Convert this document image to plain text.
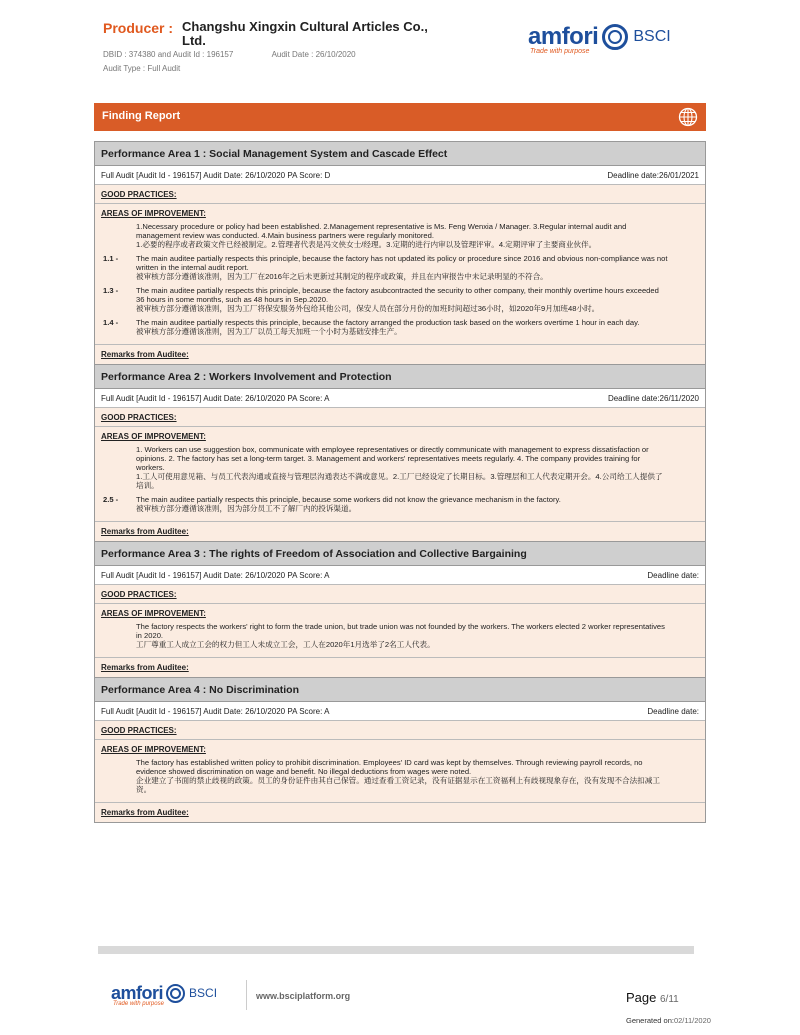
Producer : Changshu Xingxin Cultural Articles Co., Ltd.
DBID : 374380 and Audit Id : 196157	Audit Date : 26/10/2020
Audit Type : Full Audit
amfori BSCI
Trade with purpose
Finding Report
Performance Area 1 : Social Management System and Cascade Effect
Full Audit [Audit Id - 196157] Audit Date: 26/10/2020 PA Score: D	Deadline date:26/01/2021
GOOD PRACTICES:
AREAS OF IMPROVEMENT:
1.Necessary procedure or policy had been established. 2.Management representative is Ms. Feng Wenxia / Manager. 3.Regular internal audit and management review was conducted. 4.Main business partners were regularly monitored.
1.必要的程序或者政策文件已经被制定。2.管理者代表是冯文侠女士/经理。3.定期的进行内审以及管理评审。4.定期评审了主要商业伙伴。
1.1 -	The main auditee partially respects this principle, because the factory has not updated its policy or procedure since 2016 and obvious non-compliance was not written in the internal audit report.
被审核方部分遵循该准则，因为工厂在2016年之后未更新过其制定的程序或政策，并且在内审报告中未记录明显的不符合。
1.3 -	The main auditee partially respects this principle, because the factory asubcontracted the security to other company, their monthly overtime hours exceeded 36 hours in some months, such as 48 hours in Sep.2020.
被审核方部分遵循该准则，因为工厂将保安服务外包给其他公司，保安人员在部分月份的加班时间超过36小时，如2020年9月加班48小时。
1.4 -	The main auditee partially respects this principle, because the factory arranged the production task based on the workers overtime 1 hour in each day.
被审核方部分遵循该准则，因为工厂以员工每天加班一个小时为基础安排生产。
Remarks from Auditee:
Performance Area 2 : Workers Involvement and Protection
Full Audit [Audit Id - 196157] Audit Date: 26/10/2020 PA Score: A	Deadline date:26/11/2020
GOOD PRACTICES:
AREAS OF IMPROVEMENT:
1. Workers can use suggestion box, communicate with employee representatives or directly communicate with management to express dissatisfaction or opinions. 2. The factory has set a long-term target. 3. Management and workers' representatives meets regularly. 4. The company provides training for workers.
1.工人可使用意见箱、与员工代表沟通或直接与管理层沟通表达不满或意见。2.工厂已经设定了长期目标。3.管理层和工人代表定期开会。4.公司给工人提供了培训。
2.5 -	The main auditee partially respects this principle, because some workers did not know the grievance mechanism in the factory.
被审核方部分遵循该准则，因为部分员工不了解厂内的投诉渠道。
Remarks from Auditee:
Performance Area 3 : The rights of Freedom of Association and Collective Bargaining
Full Audit [Audit Id - 196157] Audit Date: 26/10/2020 PA Score: A	Deadline date:
GOOD PRACTICES:
AREAS OF IMPROVEMENT:
The factory respects the workers' right to form the trade union, but trade union was not founded by the workers. The workers elected 2 worker representatives in 2020.
工厂尊重工人成立工会的权力但工人未成立工会，工人在2020年1月选举了2名工人代表。
Remarks from Auditee:
Performance Area 4 : No Discrimination
Full Audit [Audit Id - 196157] Audit Date: 26/10/2020 PA Score: A	Deadline date:
GOOD PRACTICES:
AREAS OF IMPROVEMENT:
The factory has established written policy to prohibit discrimination. Employees' ID card was kept by themselves. Through reviewing payroll records, no evidence showed discrimination on wage and benefit. No illegal deductions from wages were noted.
企业建立了书面的禁止歧视的政策。员工的身份证件由其自己保管。通过查看工资记录，没有证据显示在工资福利上有歧视现象存在，没有发现不合法扣减工资。
Remarks from Auditee:
amfori BSCI
Trade with purpose
www.bsciplatform.org	Page 6/11
Generated on:02/11/2020
